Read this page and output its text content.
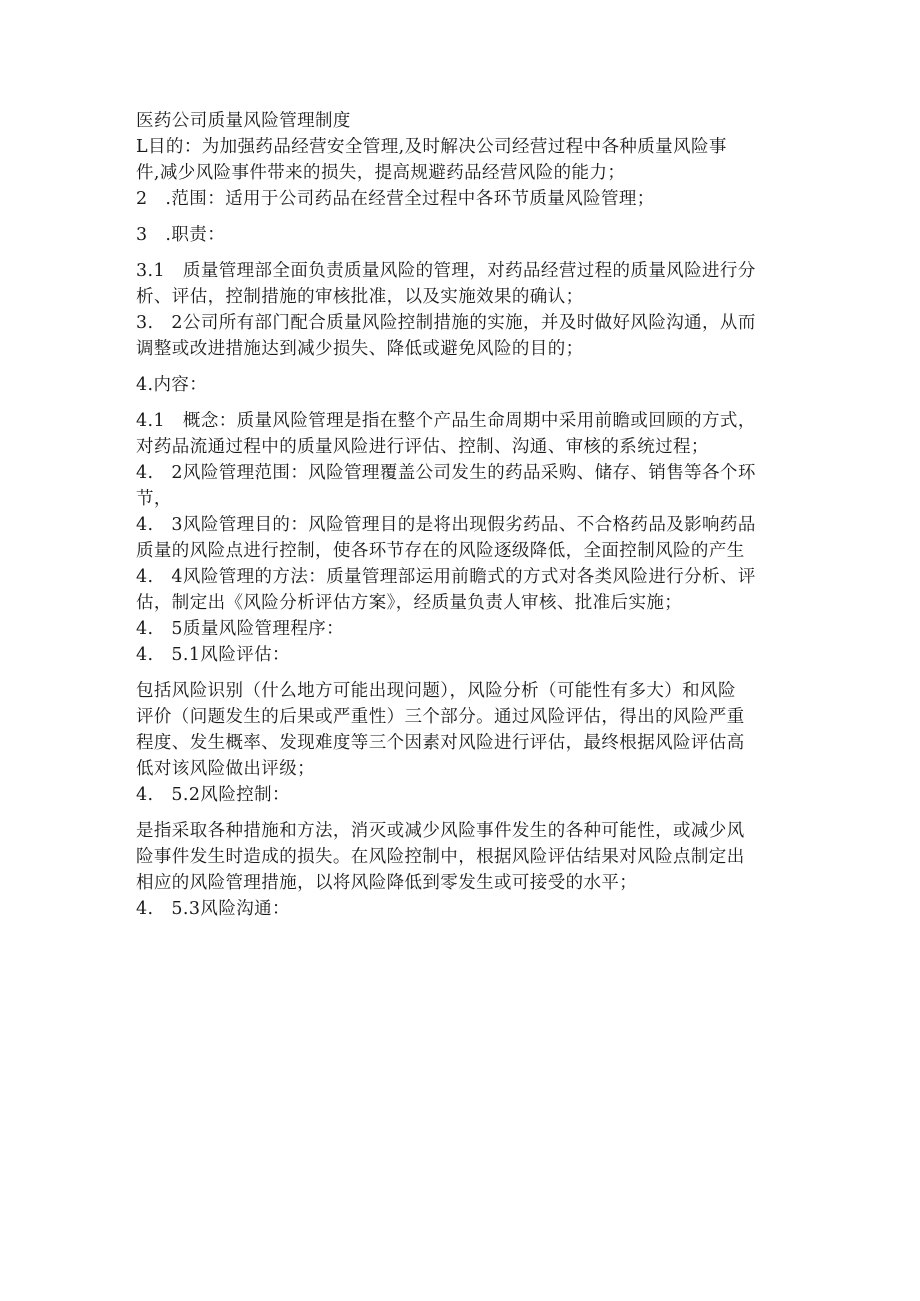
医药公司质量风险管理制度

L目的：为加强药品经营安全管理,及时解决公司经营过程中各种质量风险事

件,减少风险事件带来的损失，提高规避药品经营风险的能力；

2　.范围：适用于公司药品在经营全过程中各环节质量风险管理；

3　.职责：

3.1　质量管理部全面负责质量风险的管理，对药品经营过程的质量风险进行分

析、评估，控制措施的审核批准，以及实施效果的确认；

3.　2公司所有部门配合质量风险控制措施的实施，并及时做好风险沟通，从而

调整或改进措施达到减少损失、降低或避免风险的目的；

4.内容：

4.1　概念：质量风险管理是指在整个产品生命周期中采用前瞻或回顾的方式，

对药品流通过程中的质量风险进行评估、控制、沟通、审核的系统过程；

4.　2风险管理范围：风险管理覆盖公司发生的药品采购、储存、销售等各个环

节，

4.　3风险管理目的：风险管理目的是将出现假劣药品、不合格药品及影响药品

质量的风险点进行控制，使各环节存在的风险逐级降低，全面控制风险的产生

4.　4风险管理的方法：质量管理部运用前瞻式的方式对各类风险进行分析、评

估，制定出《风险分析评估方案》，经质量负责人审核、批准后实施；

4.　5质量风险管理程序：

4.　5.1风险评估：

包括风险识别（什么地方可能出现问题），风险分析（可能性有多大）和风险

评价（问题发生的后果或严重性）三个部分。通过风险评估，得出的风险严重

程度、发生概率、发现难度等三个因素对风险进行评估，最终根据风险评估高

低对该风险做出评级；

4.　5.2风险控制：

是指采取各种措施和方法，消灭或减少风险事件发生的各种可能性，或减少风

险事件发生时造成的损失。在风险控制中，根据风险评估结果对风险点制定出

相应的风险管理措施，以将风险降低到零发生或可接受的水平；

4.　5.3风险沟通：
